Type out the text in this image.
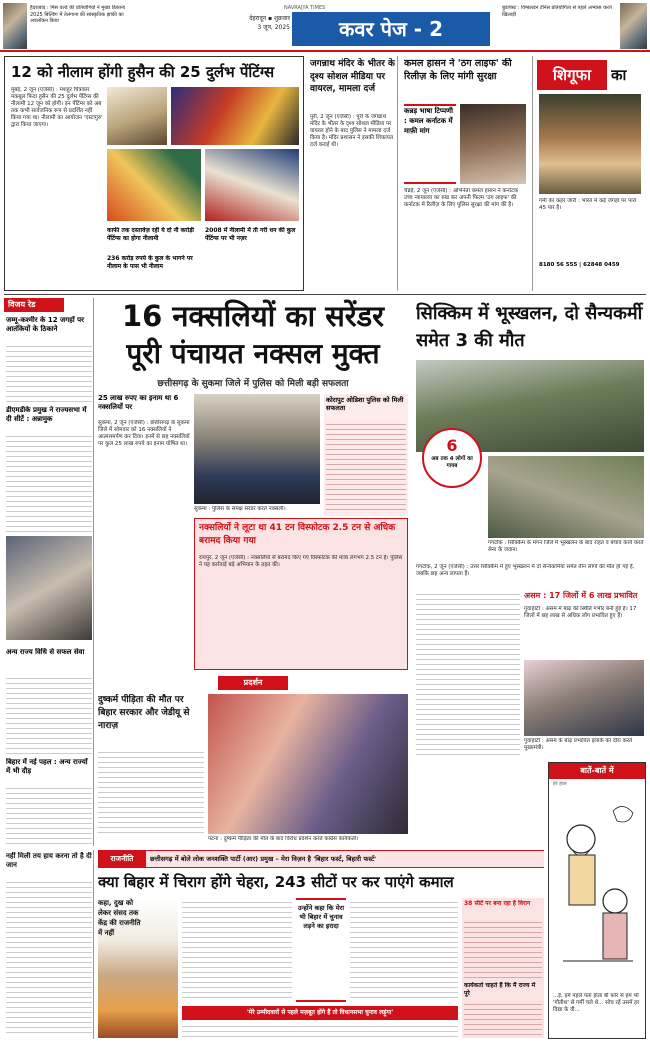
हैदराबाद : मिस वर्ल्ड की प्रतियोगियों ने मुख्य ठिकाना 2025 बिल्डिंग में तेलंगाना की सांस्कृतिक झांकी का अवलोकन किया
NAVRAJYA TIMES
देहरादून ▪ शुक्रवार
3 जून, 2025	कवर पेज - 2
बुडापेस्ट : विम्बलडन टेनिस प्रतियोगिता से पहले अभ्यास करते खिलाड़ी
12 को नीलाम होंगी हुसैन की 25 दुर्लभ पेंटिंग्स
मुंबई, 2 जून (एजेंसी) : मशहूर चित्रकार मकबूल फिदा हुसैन की 25 दुर्लभ पेंटिंग्स की नीलामी 12 जून को होगी। इन पेंटिंग्स को अब तक कभी सार्वजनिक रूप से प्रदर्शित नहीं किया गया था। नीलामी का आयोजन 'एस्टागुरु' द्वारा किया जाएगा।
काफी तक दस्तावेज़ रहीं ये दो नौ करोड़ी पेंटिंग्स का होगा नीलामी
236 करोड़ रुपये के कुल के भागने पर नीलाम के पास भी नीलाम
2008 में नीलामी में ती गरी धन की कुल पेंटिंग्स पर भी नज़र
जगन्नाथ मंदिर के भीतर के दृश्य सोशल मीडिया पर वायरल, मामला दर्ज
पुरी, 2 जून (एजेंसी) : पुरी के जगन्नाथ मंदिर के भीतर के दृश्य सोशल मीडिया पर वायरल होने के बाद पुलिस ने मामला दर्ज किया है। मंदिर प्रशासन ने इसकी शिकायत दर्ज कराई थी।
कमल हासन ने 'ठग लाइफ' की रिलीज़ के लिए मांगी सुरक्षा
कन्नड़ भाषा टिप्पणी : कमल कर्नाटक में माफ़ी मांग
चेन्नई, 2 जून (एजेंसी) : अभिनेता कमल हासन ने कर्नाटक उच्च न्यायालय का रुख कर अपनी फिल्म 'ठग लाइफ' की कर्नाटक में रिलीज़ के लिए पुलिस सुरक्षा की मांग की है।
शिगूफा	का
गर्मी का कहर जारी : भारत में कई जगहों पर पारा 45 पार है।
8180 56 555 | 62848 0459
विजय रेड
जम्मू-कश्मीर के 12 जगहों पर आतंकियों के ठिकाने
डीएमडीके प्रमुख ने राज्यसभा में दी सीटें : अन्नामुक
अन्य राज्य विधि से सफल सेवा
बिहार में नई पहल : अन्य राज्यों में भी दौड़
16 नक्सलियों का सरेंडर
पूरी पंचायत नक्सल मुक्त
छत्तीसगढ़ के सुकमा जिले में पुलिस को मिली बड़ी सफलता
25 लाख रुपए का इनाम था 6 नक्सलियों पर
सुकमा, 2 जून (एजेंसी) : छत्तीसगढ़ के सुकमा जिले में सोमवार को 16 नक्सलियों ने आत्मसमर्पण कर दिया। इनमें से छह नक्सलियों पर कुल 25 लाख रुपये का इनाम घोषित था।
सुकमा : पुलिस के समक्ष सरेंडर करते नक्सली।
नक्सलियों ने लूटा था 41 टन विस्फोटक 2.5 टन से अधिक बरामद किया गया
रायपुर, 2 जून (एजेंसी) : नक्सलियों से बरामद किए गए विस्फोटक की मात्रा लगभग 2.5 टन है। पुलिस ने यह कार्रवाई बड़े अभियान के तहत की।
कोरापुट ओडिशा पुलिस को मिली सफलता
सिक्किम में भूस्खलन, दो सैन्यकर्मी समेत 3 की मौत
6
अब तक 4 लोगों का गायब
गंगटोक : सिक्किम के मंगन जिले में भूस्खलन के बाद राहत व बचाव कार्य करते सेना के जवान।
गंगटोक, 2 जून (एजेंसी) : उत्तर सिक्किम में हुए भूस्खलन में दो सैन्यकर्मियों समेत तीन लोगों की मौत हो गई है, जबकि छह अन्य लापता हैं।
असम : 17 जिलों में 6 लाख प्रभावित
गुवाहाटी : असम में बाढ़ की स्थिति गंभीर बनी हुई है। 17 जिलों में छह लाख से अधिक लोग प्रभावित हुए हैं।
गुवाहाटी : असम के बाढ़ प्रभावित इलाके का दौरा करते मुख्यमंत्री।
प्रदर्शन
दुष्कर्म पीड़िता की मौत पर बिहार सरकार और जेडीयू से नाराज़
पटना : दुष्कर्म पीड़िता की मौत के बाद विरोध प्रदर्शन करते कांग्रेस कार्यकर्ता।
राजनीति	छत्तीसगढ़ में बोले लोक जनशक्ति पार्टी (आर) प्रमुख – मेरा विज़न है 'बिहार फर्स्ट, बिहारी फर्स्ट'
नहीं मिली तय हाय करना तो है दी जान
क्या बिहार में चिराग होंगे चेहरा, 243 सीटों पर कर पाएंगे कमाल
कहा, दुख को लेकर संसद तक केंद्र की राजनीति में नहीं
उन्होंने कहा कि मेरा भी बिहार में चुनाव लड़ने का इरादा
'मेरे उम्मीदवारों से पहले मज़बूत होंगे हैं तो विधानसभा चुनाव लड़ूंगा'
38 सीटें पर बना रहा है विराग
कार्यकर्ता चाहते हैं कि मैं राज्य में पूरे
बातें-बातें में
हर हाल
...ई, हमें पहले पता होता बी फ़ोर से हम भी 'गौतीश' से गर्मी चले थे... सोच रहें उसमें हर विद्या के वी...
